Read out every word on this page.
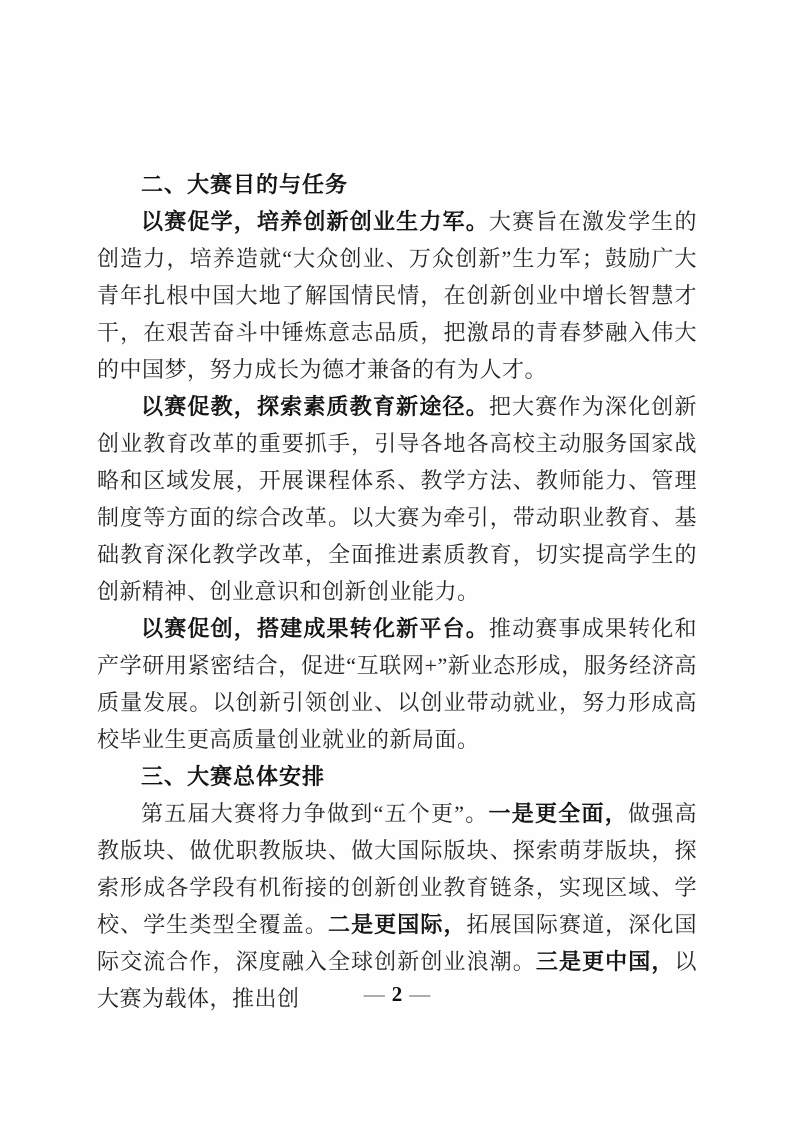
二、大赛目的与任务

以赛促学，培养创新创业生力军。大赛旨在激发学生的创造力，培养造就“大众创业、万众创新”生力军；鼓励广大青年扎根中国大地了解国情民情，在创新创业中增长智慧才干，在艰苦奋斗中锤炼意志品质，把激昂的青春梦融入伟大的中国梦，努力成长为德才兼备的有为人才。

以赛促教，探索素质教育新途径。把大赛作为深化创新创业教育改革的重要抓手，引导各地各高校主动服务国家战略和区域发展，开展课程体系、教学方法、教师能力、管理制度等方面的综合改革。以大赛为牵引，带动职业教育、基础教育深化教学改革，全面推进素质教育，切实提高学生的创新精神、创业意识和创新创业能力。

以赛促创，搭建成果转化新平台。推动赛事成果转化和产学研用紧密结合，促进“互联网+”新业态形成，服务经济高质量发展。以创新引领创业、以创业带动就业，努力形成高校毕业生更高质量创业就业的新局面。

三、大赛总体安排

第五届大赛将力争做到“五个更”。一是更全面，做强高教版块、做优职教版块、做大国际版块、探索萌芽版块，探索形成各学段有机衔接的创新创业教育链条，实现区域、学校、学生类型全覆盖。二是更国际，拓展国际赛道，深化国际交流合作，深度融入全球创新创业浪潮。三是更中国，以大赛为载体，推出创	— 2 —
